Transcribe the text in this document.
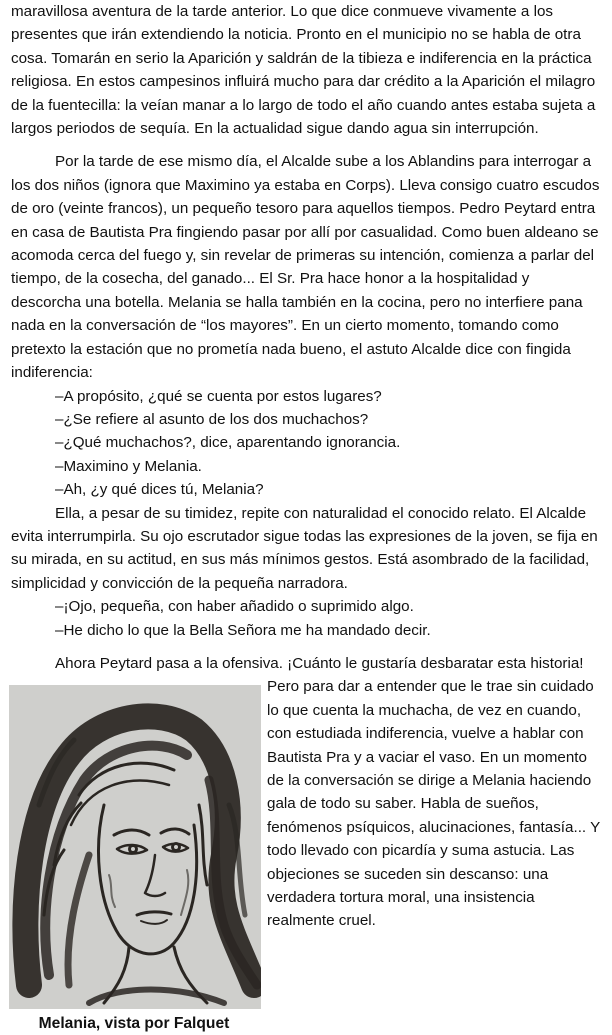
maravillosa aventura de la tarde anterior. Lo que dice conmueve vivamente a los presentes que irán extendiendo la noticia. Pronto en el municipio no se habla de otra cosa. Tomarán en serio la Aparición y saldrán de la tibieza e indiferencia en la práctica religiosa. En estos campesinos influirá mucho para dar crédito a la Aparición el milagro de la fuentecilla: la veían manar a lo largo de todo el año cuando antes estaba sujeta a largos periodos de sequía. En la actualidad sigue dando agua sin interrupción.

Por la tarde de ese mismo día, el Alcalde sube a los Ablandins para interrogar a los dos niños (ignora que Maximino ya estaba en Corps). Lleva consigo cuatro escudos de oro (veinte francos), un pequeño tesoro para aquellos tiempos. Pedro Peytard entra en casa de Bautista Pra fingiendo pasar por allí por casualidad. Como buen aldeano se acomoda cerca del fuego y, sin revelar de primeras su intención, comienza a parlar del tiempo, de la cosecha, del ganado... El Sr. Pra hace honor a la hospitalidad y descorcha una botella. Melania se halla también en la cocina, pero no interfiere pana nada en la conversación de “los mayores”. En un cierto momento, tomando como pretexto la estación que no prometía nada bueno, el astuto Alcalde dice con fingida indiferencia:

–A propósito, ¿qué se cuenta por estos lugares?

–¿Se refiere al asunto de los dos muchachos?

–¿Qué muchachos?, dice, aparentando ignorancia.

–Maximino y Melania.

–Ah, ¿y qué dices tú, Melania?

Ella, a pesar de su timidez, repite con naturalidad el conocido relato. El Alcalde evita interrumpirla. Su ojo escrutador sigue todas las expresiones de la joven, se fija en su mirada, en su actitud, en sus más mínimos gestos. Está asombrado de la facilidad, simplicidad y convicción de la pequeña narradora.

–¡Ojo, pequeña, con haber añadido o suprimido algo.

–He dicho lo que la Bella Señora me ha mandado decir.

Ahora Peytard pasa a la ofensiva. ¡Cuánto le gustaría desbaratar esta historia!

Melania, vista por Falquet

Pero para dar a entender que le trae sin cuidado lo que cuenta la muchacha, de vez en cuando, con estudiada indiferencia, vuelve a hablar con Bautista Pra y a vaciar el vaso. En un momento de la conversación se dirige a Melania haciendo gala de todo su saber. Habla de sueños, fenómenos psíquicos, alucinaciones, fantasía... Y todo llevado con picardía y suma astucia. Las objeciones se suceden sin descanso: una verdadera tortura moral, una insistencia realmente cruel.
